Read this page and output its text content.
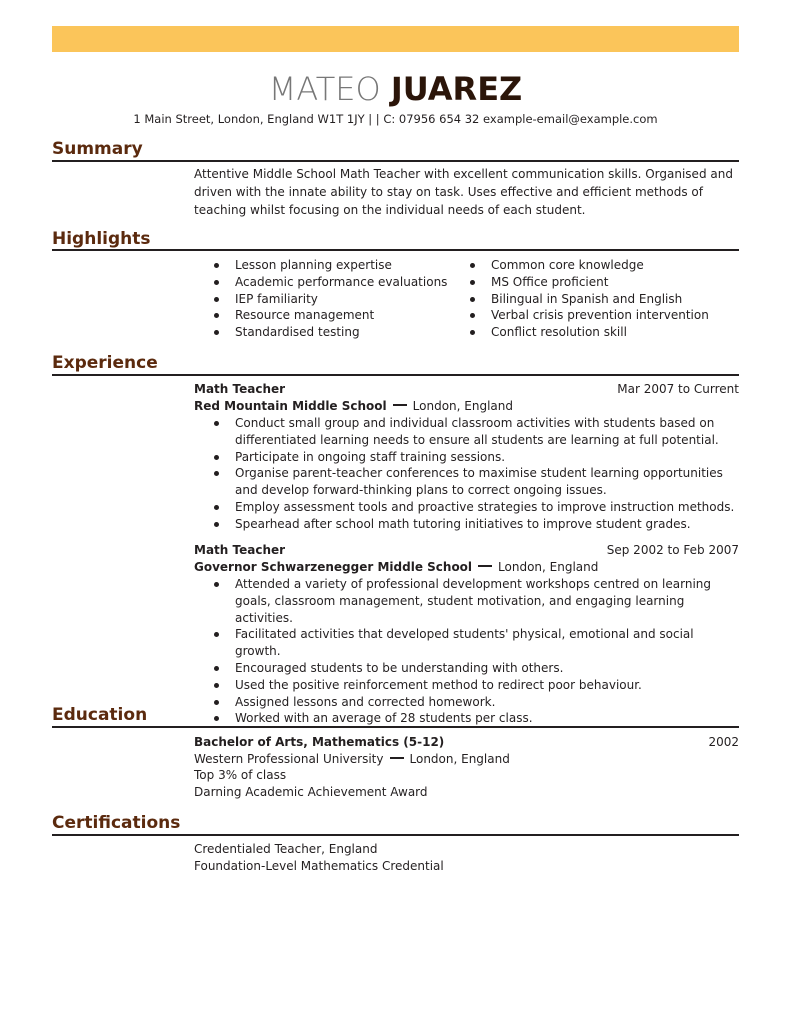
MATEO JUAREZ
1 Main Street, London, England W1T 1JY | | C: 07956 654 32 example-email@example.com
Summary
Attentive Middle School Math Teacher with excellent communication skills. Organised and driven with the innate ability to stay on task. Uses effective and efficient methods of teaching whilst focusing on the individual needs of each student.
Highlights
Lesson planning expertise
Academic performance evaluations
IEP familiarity
Resource management
Standardised testing
Common core knowledge
MS Office proficient
Bilingual in Spanish and English
Verbal crisis prevention intervention
Conflict resolution skill
Experience
Math Teacher	Mar 2007 to Current
Red Mountain Middle School London, England
Conduct small group and individual classroom activities with students based on differentiated learning needs to ensure all students are learning at full potential.
Participate in ongoing staff training sessions.
Organise parent-teacher conferences to maximise student learning opportunities and develop forward-thinking plans to correct ongoing issues.
Employ assessment tools and proactive strategies to improve instruction methods.
Spearhead after school math tutoring initiatives to improve student grades.
Math Teacher	Sep 2002 to Feb 2007
Governor Schwarzenegger Middle School London, England
Attended a variety of professional development workshops centred on learning goals, classroom management, student motivation, and engaging learning activities.
Facilitated activities that developed students' physical, emotional and social growth.
Encouraged students to be understanding with others.
Used the positive reinforcement method to redirect poor behaviour.
Assigned lessons and corrected homework.
Worked with an average of 28 students per class.
Education
Bachelor of Arts, Mathematics (5-12)	2002
Western Professional University London, England
Top 3% of class
Darning Academic Achievement Award
Certifications
Credentialed Teacher, England
Foundation-Level Mathematics Credential
